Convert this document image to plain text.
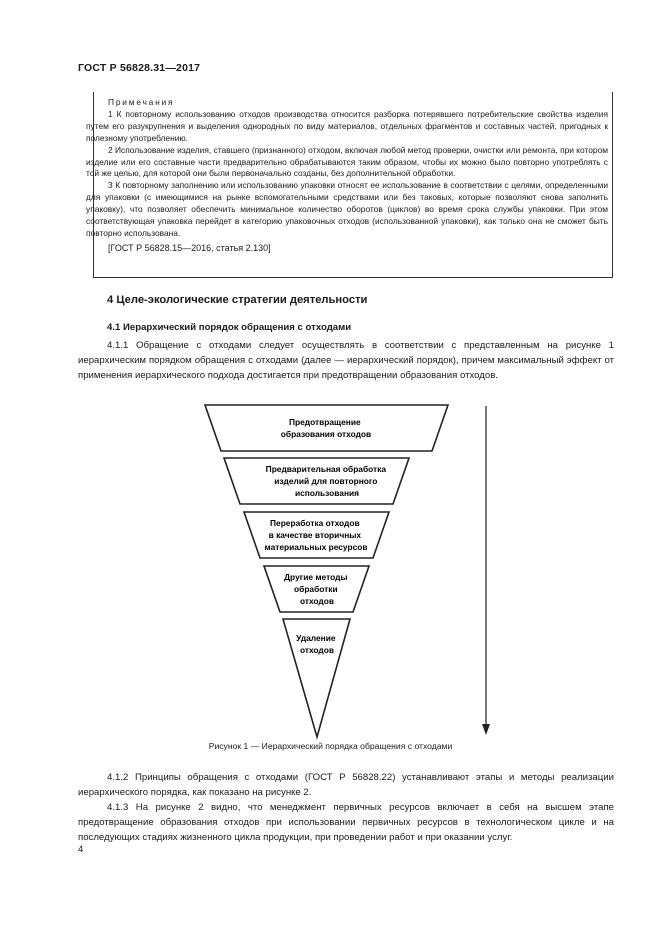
ГОСТ Р 56828.31—2017
Примечания

1 К повторному использованию отходов производства относится разборка потерявшего потребительские свойства изделия путем его разукрупнения и выделения однородных по виду материалов, отдельных фрагментов и составных частей, пригодных к полезному употреблению.

2 Использование изделия, ставшего (признанного) отходом, включая любой метод проверки, очистки или ремонта, при котором изделие или его составные части предварительно обрабатываются таким образом, чтобы их можно было повторно употреблять с той же целью, для которой они были первоначально созданы, без дополнительной обработки.

3 К повторному заполнению или использованию упаковки относят ее использование в соответствии с целями, определенными для упаковки (с имеющимися на рынке вспомогательными средствами или без таковых, которые позволяют снова заполнить упаковку), что позволяет обеспечить минимальное количество оборотов (циклов) во время срока службы упаковки. При этом соответствующая упаковка перейдет в категорию упаковочных отходов (использованной упаковки), как только она не сможет быть повторно использована.

[ГОСТ Р 56828.15—2016, статья 2.130]
4 Целе-экологические стратегии деятельности
4.1 Иерархический порядок обращения с отходами
4.1.1 Обращение с отходами следует осуществлять в соответствии с представленным на рисунке 1 иерархическим порядком обращения с отходами (далее — иерархический порядок), причем максимальный эффект от применения иерархического подхода достигается при предотвращении образования отходов.
Предотвращение образования отходов
Предварительная обработка изделий для повторного использования
Переработка отходов в качестве вторичных материальных ресурсов
Другие методы обработки отходов
Удаление отходов
Рисунок 1 — Иерархический порядка обращения с отходами
4.1.2 Принципы обращения с отходами (ГОСТ Р 56828.22) устанавливают этапы и методы реализации иерархического порядка, как показано на рисунке 2.

4.1.3 На рисунке 2 видно, что менеджмент первичных ресурсов включает в себя на высшем этапе предотвращение образования отходов при использовании первичных ресурсов в технологическом цикле и на последующих стадиях жизненного цикла продукции, при проведении работ и при оказании услуг.

4
